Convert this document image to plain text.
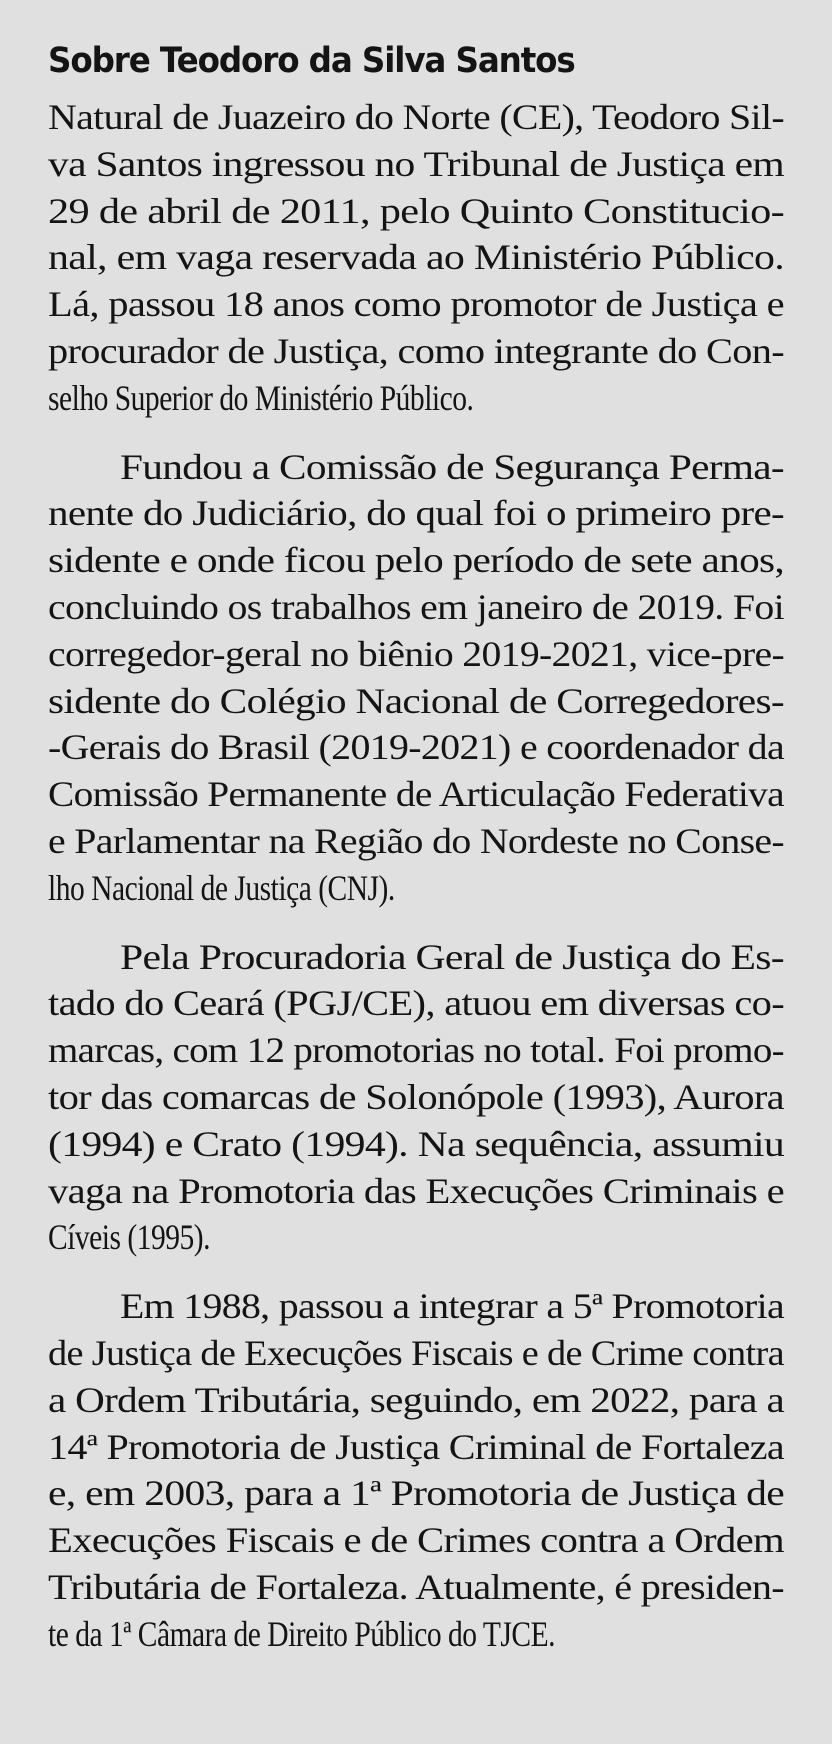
Sobre Teodoro da Silva Santos
Natural de Juazeiro do Norte (CE), Teodoro Sil-
va Santos ingressou no Tribunal de Justiça em
29 de abril de 2011, pelo Quinto Constitucio-
nal, em vaga reservada ao Ministério Público.
Lá, passou 18 anos como promotor de Justiça e
procurador de Justiça, como integrante do Con-
selho Superior do Ministério Público.
Fundou a Comissão de Segurança Perma-
nente do Judiciário, do qual foi o primeiro pre-
sidente e onde ficou pelo período de sete anos,
concluindo os trabalhos em janeiro de 2019. Foi
corregedor-geral no biênio 2019-2021, vice-pre-
sidente do Colégio Nacional de Corregedores-
-Gerais do Brasil (2019-2021) e coordenador da
Comissão Permanente de Articulação Federativa
e Parlamentar na Região do Nordeste no Conse-
lho Nacional de Justiça (CNJ).
Pela Procuradoria Geral de Justiça do Es-
tado do Ceará (PGJ/CE), atuou em diversas co-
marcas, com 12 promotorias no total. Foi promo-
tor das comarcas de Solonópole (1993), Aurora
(1994) e Crato (1994). Na sequência, assumiu
vaga na Promotoria das Execuções Criminais e
Cíveis (1995).
Em 1988, passou a integrar a 5ª Promotoria
de Justiça de Execuções Fiscais e de Crime contra
a Ordem Tributária, seguindo, em 2022, para a
14ª Promotoria de Justiça Criminal de Fortaleza
e, em 2003, para a 1ª Promotoria de Justiça de
Execuções Fiscais e de Crimes contra a Ordem
Tributária de Fortaleza. Atualmente, é presiden-
te da 1ª Câmara de Direito Público do TJCE.
